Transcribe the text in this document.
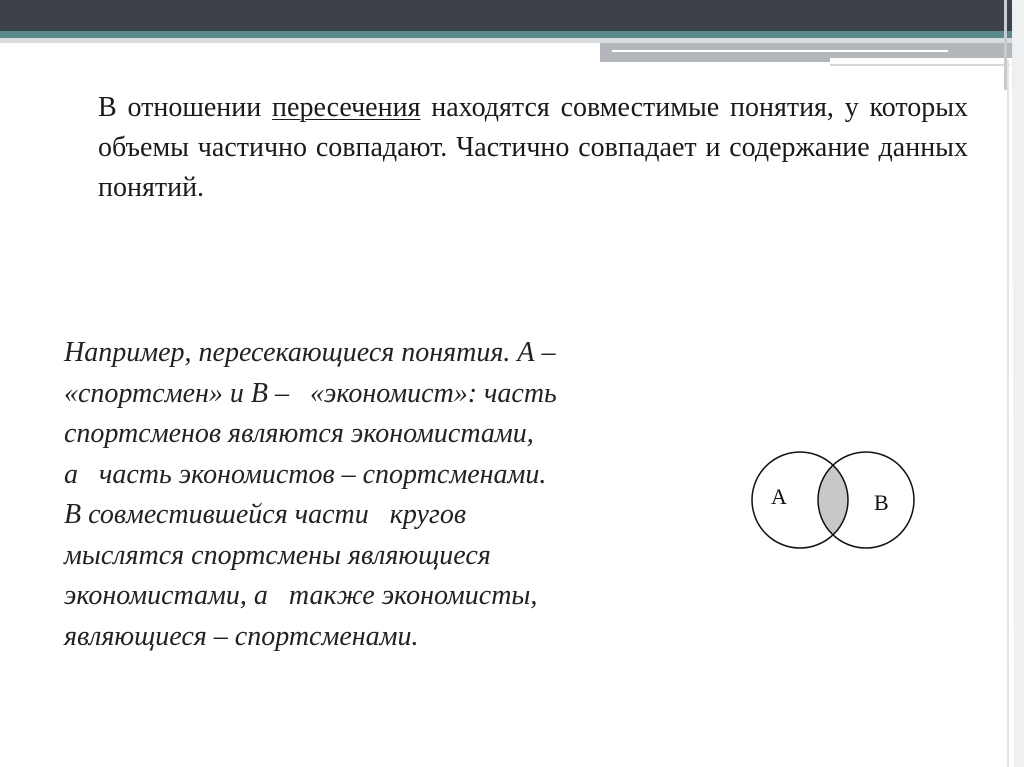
В отношении пересечения находятся совместимые понятия, у которых объемы частично совпадают. Частично совпадает и содержание данных понятий.

Например, пересекающиеся понятия. А –
«спортсмен» и В –   «экономист»: часть
спортсменов являются экономистами,
а   часть экономистов – спортсменами.
В совместившейся части   кругов
мыслятся спортсмены являющиеся
экономистами, а   также экономисты,
являющиеся – спортсменами.
А	В
